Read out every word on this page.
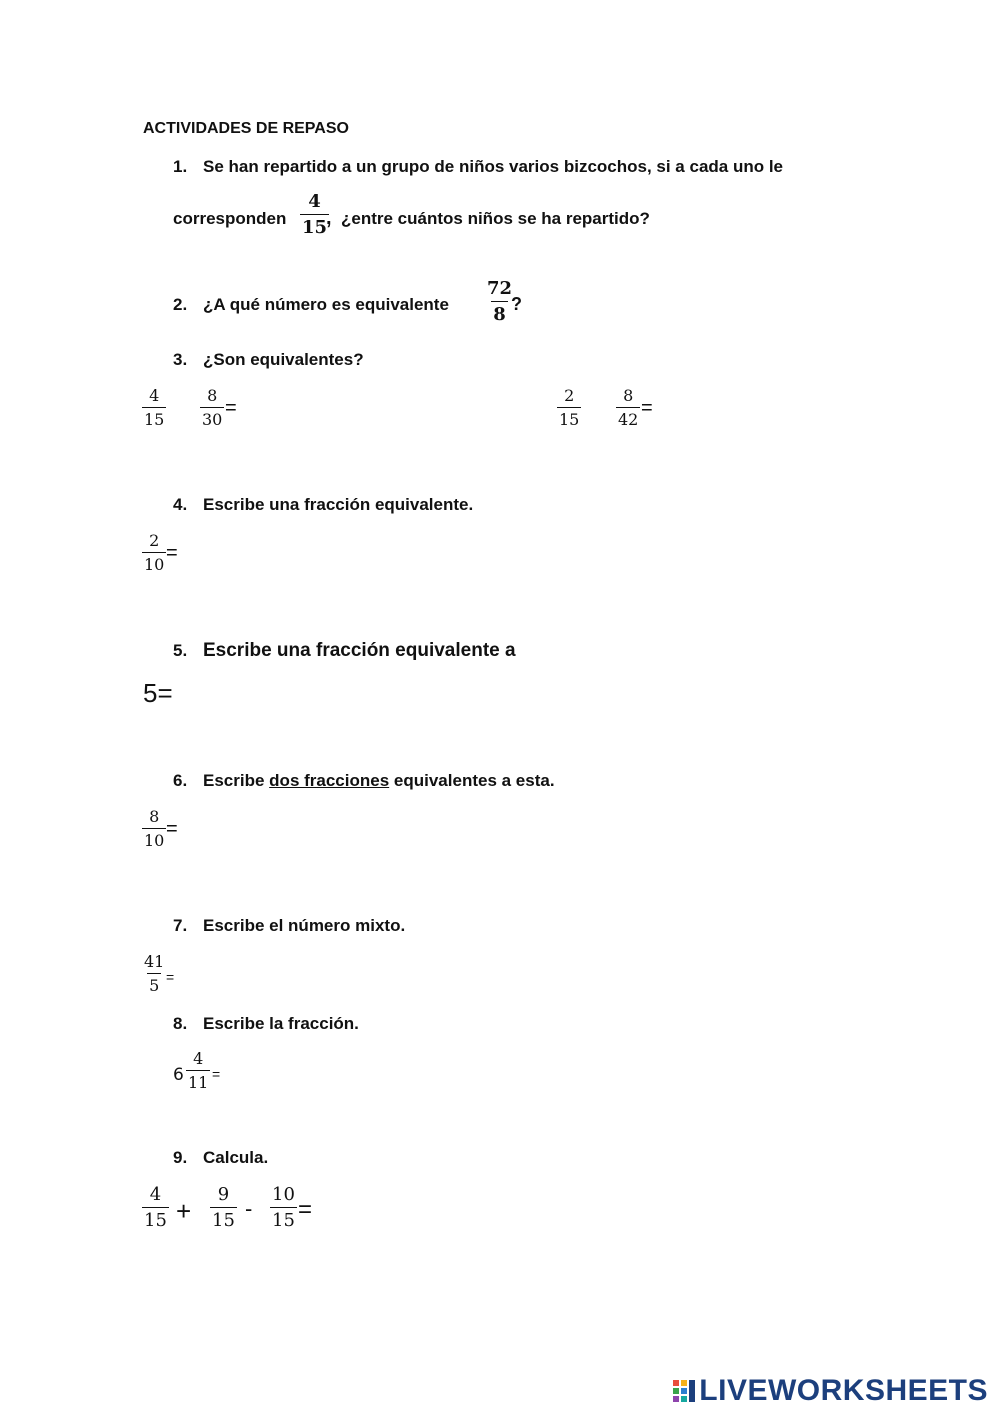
ACTIVIDADES DE REPASO
1. Se han repartido a un grupo de niños varios bizcochos, si a cada uno le
corresponden $\frac{4}{15}$
, ¿entre cuántos niños se ha repartido?
2. ¿A qué número es equivalente $\frac{72}{8}$
?
3. ¿Son equivalentes?
$\frac{4}{15} \frac{8}{30}$ =	$\frac{2}{15} \frac{8}{42}$ =
4. Escribe una fracción equivalente.
$\frac{2}{10}$ =
5. Escribe una fracción equivalente a
5=
6. Escribe dos fracciones equivalentes a esta.
$\frac{8}{10}$ =
7. Escribe el número mixto.
$\frac{41}{5}$ =
8. Escribe la fracción.
$6 \frac{4}{11}$ =
9. Calcula.
$\frac{4}{15} + \frac{9}{15} - \frac{10}{15}$ =
LIVEWORKSHEETS
